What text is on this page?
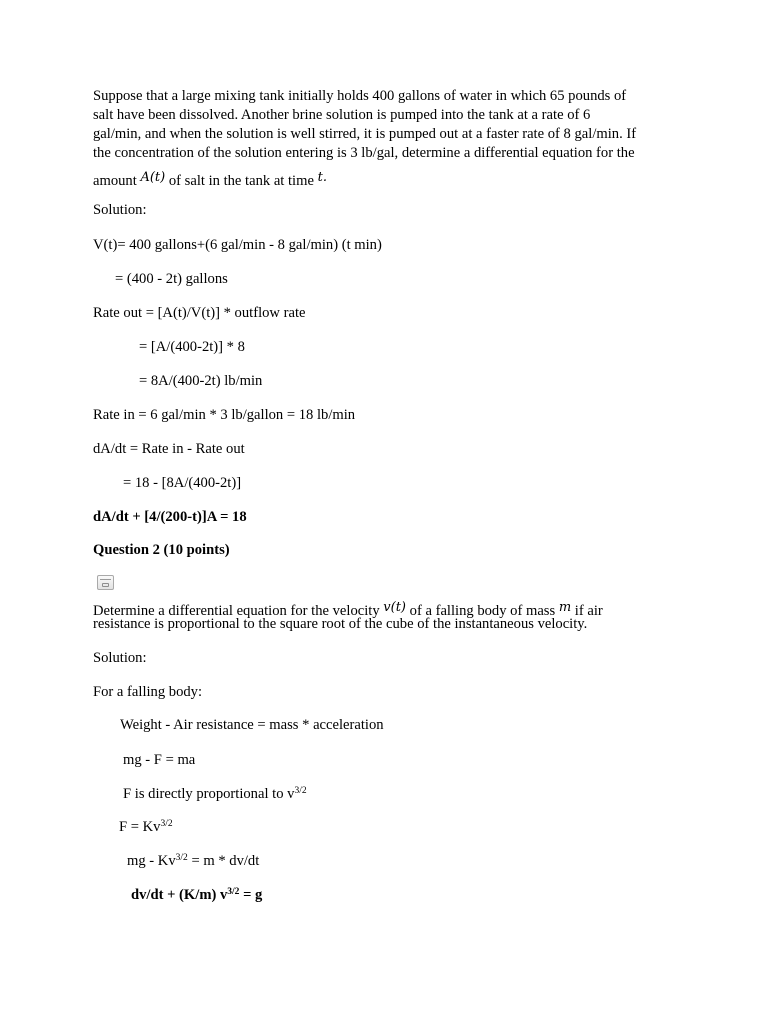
Suppose that a large mixing tank initially holds 400 gallons of water in which 65 pounds of
salt have been dissolved. Another brine solution is pumped into the tank at a rate of 6
gal/min, and when the solution is well stirred, it is pumped out at a faster rate of 8 gal/min. If
the concentration of the solution entering is 3 lb/gal, determine a differential equation for the
amount A(t) of salt in the tank at time t.
Solution:
V(t)= 400 gallons+(6 gal/min - 8 gal/min) (t min)
= (400 - 2t) gallons
Rate out = [A(t)/V(t)] * outflow rate
= [A/(400-2t)] * 8
= 8A/(400-2t) lb/min
Rate in = 6 gal/min * 3 lb/gallon = 18 lb/min
dA/dt = Rate in - Rate out
= 18 - [8A/(400-2t)]
dA/dt + [4/(200-t)]A = 18
Question 2 (10 points)
Determine a differential equation for the velocity v(t) of a falling body of mass m if air
resistance is proportional to the square root of the cube of the instantaneous velocity.
Solution:
For a falling body:
Weight - Air resistance = mass * acceleration
mg - F = ma
F is directly proportional to $v^{3/2}$
$F = Kv^{3/2}$
mg - $Kv^{3/2} = m * dv/dt$
dv/dt + (K/m) $v^{3/2} = g$
